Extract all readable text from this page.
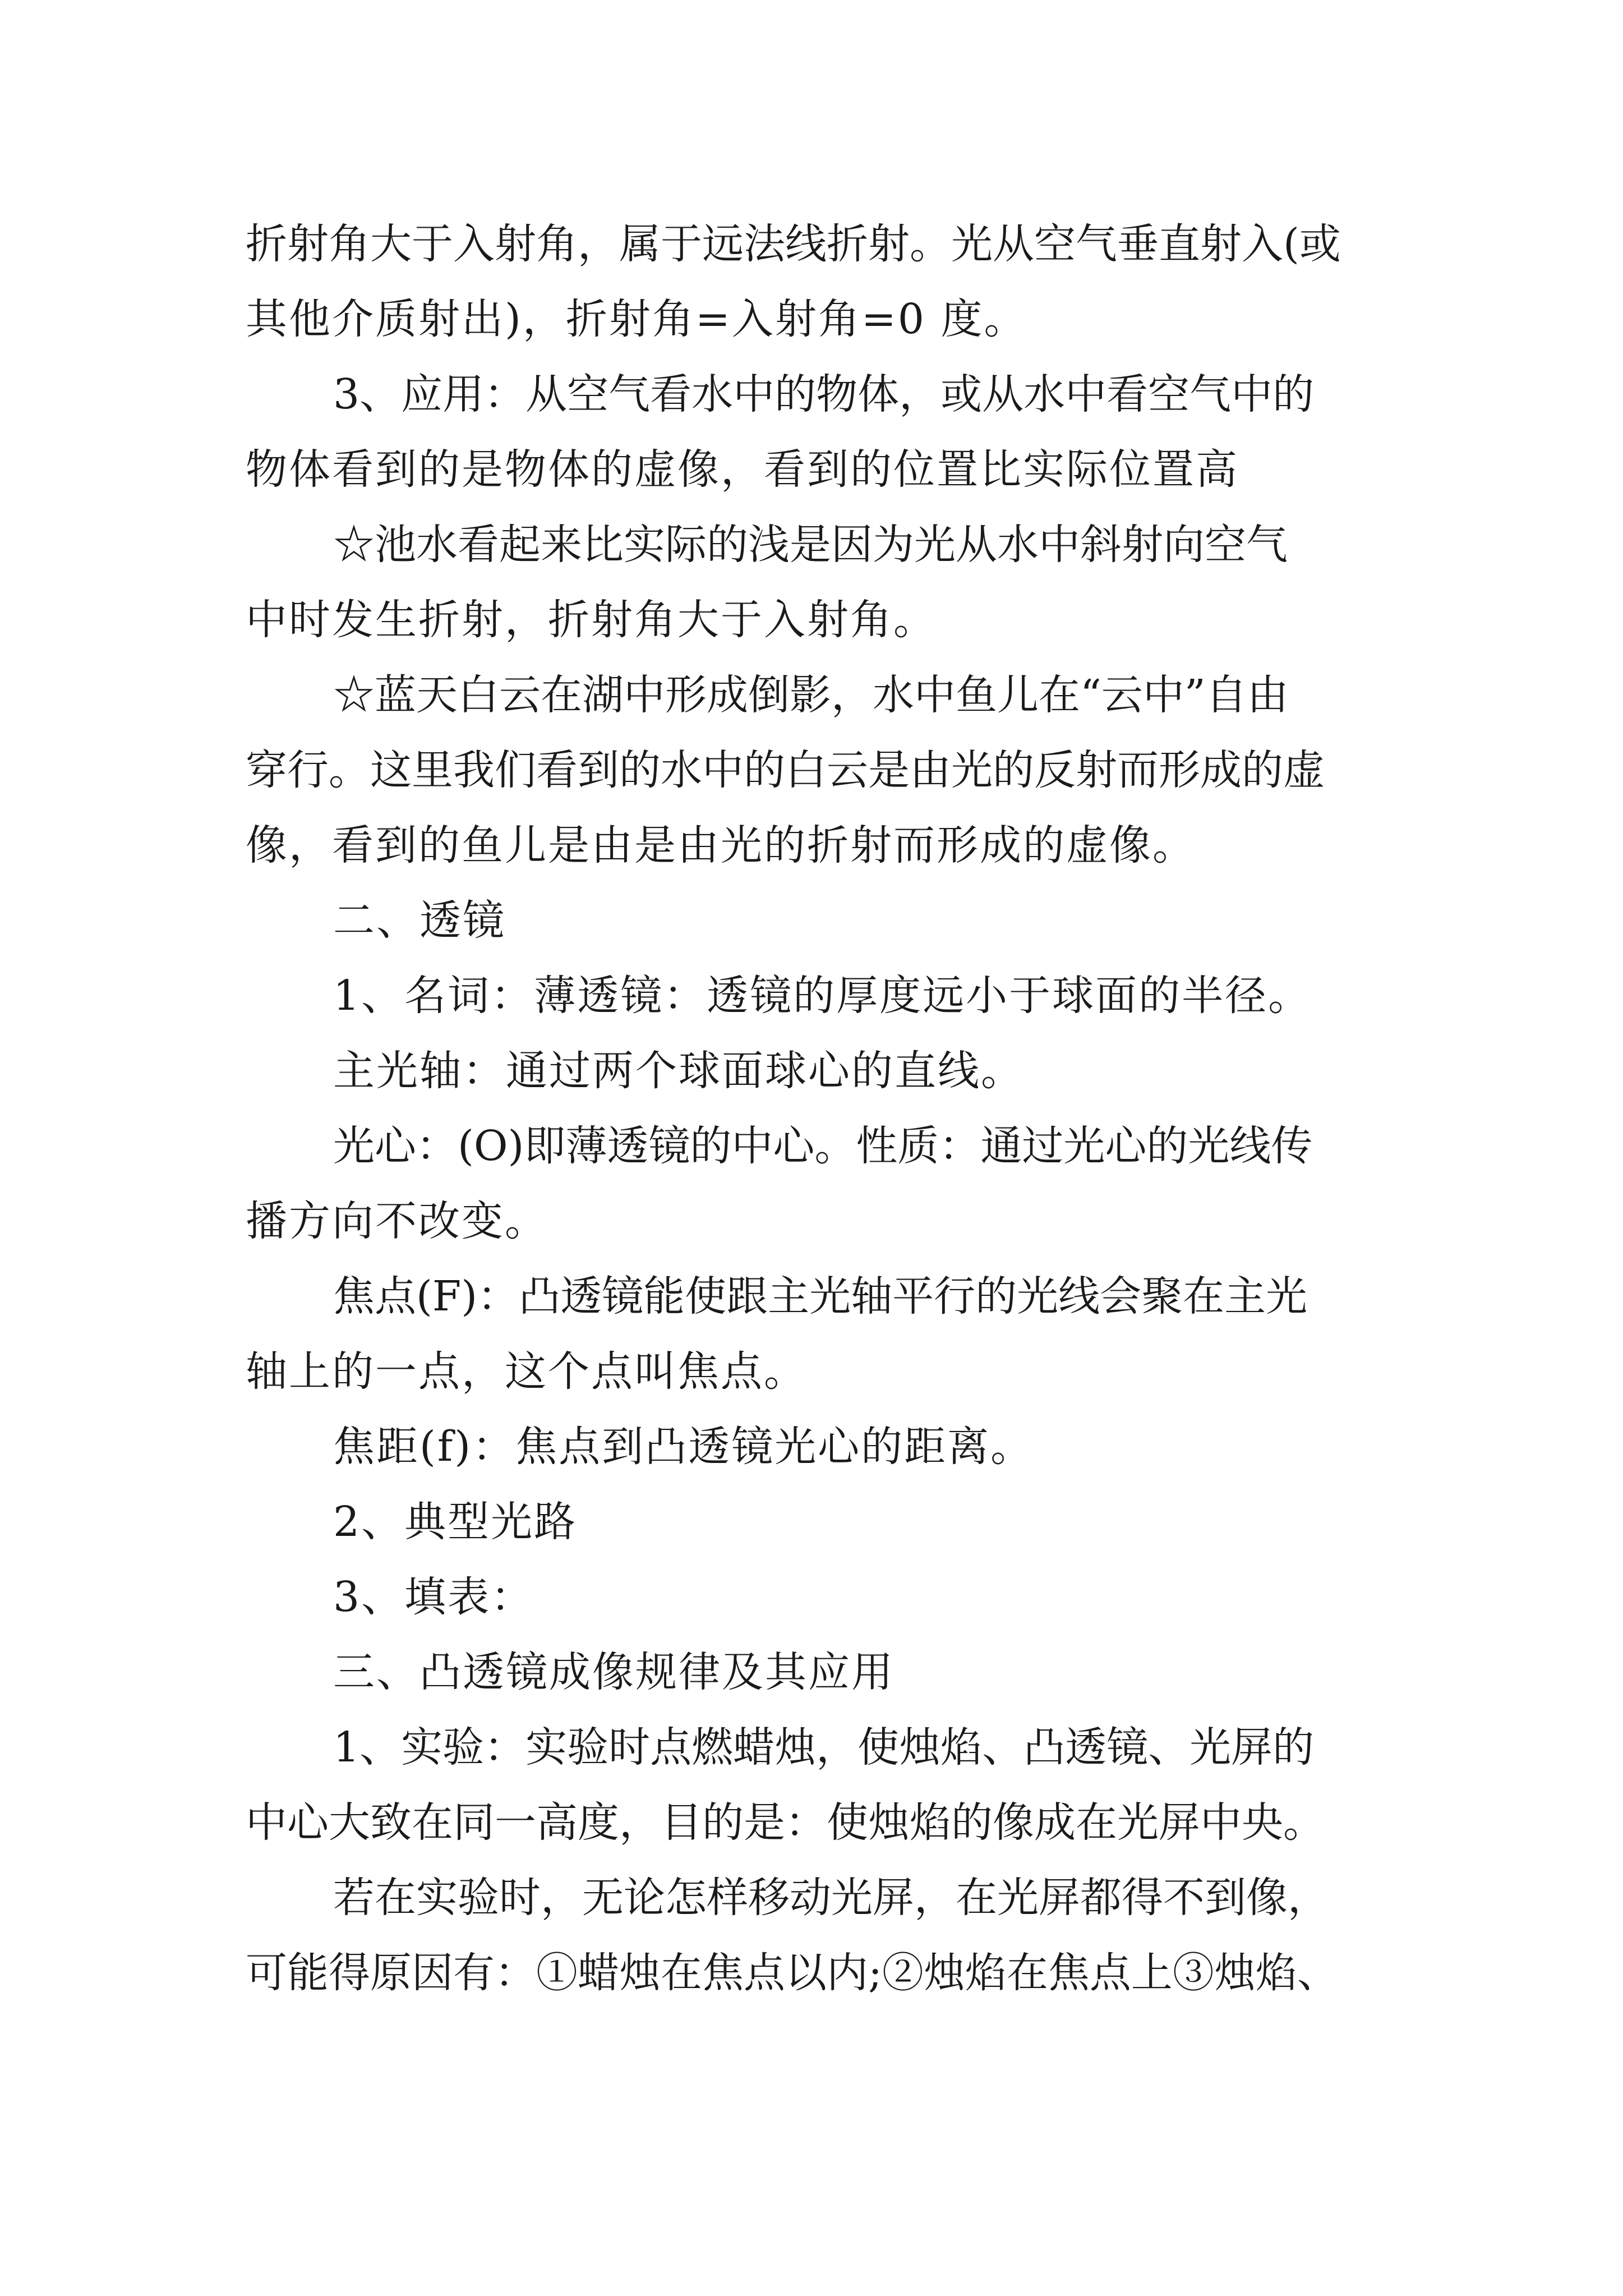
折射角大于入射角，属于远法线折射。光从空气垂直射入(或
其他介质射出)，折射角=入射角=0 度。
3、应用：从空气看水中的物体，或从水中看空气中的
物体看到的是物体的虚像，看到的位置比实际位置高
☆池水看起来比实际的浅是因为光从水中斜射向空气
中时发生折射，折射角大于入射角。
☆蓝天白云在湖中形成倒影，水中鱼儿在“云中”自由
穿行。这里我们看到的水中的白云是由光的反射而形成的虚
像，看到的鱼儿是由是由光的折射而形成的虚像。
二、透镜
1、名词：薄透镜：透镜的厚度远小于球面的半径。
主光轴：通过两个球面球心的直线。
光心：(O)即薄透镜的中心。性质：通过光心的光线传
播方向不改变。
焦点(F)：凸透镜能使跟主光轴平行的光线会聚在主光
轴上的一点，这个点叫焦点。
焦距(f)：焦点到凸透镜光心的距离。
2、典型光路
3、填表：
三、凸透镜成像规律及其应用
1、实验：实验时点燃蜡烛，使烛焰、凸透镜、光屏的
中心大致在同一高度，目的是：使烛焰的像成在光屏中央。
若在实验时，无论怎样移动光屏，在光屏都得不到像，
可能得原因有：①蜡烛在焦点以内;②烛焰在焦点上③烛焰、
